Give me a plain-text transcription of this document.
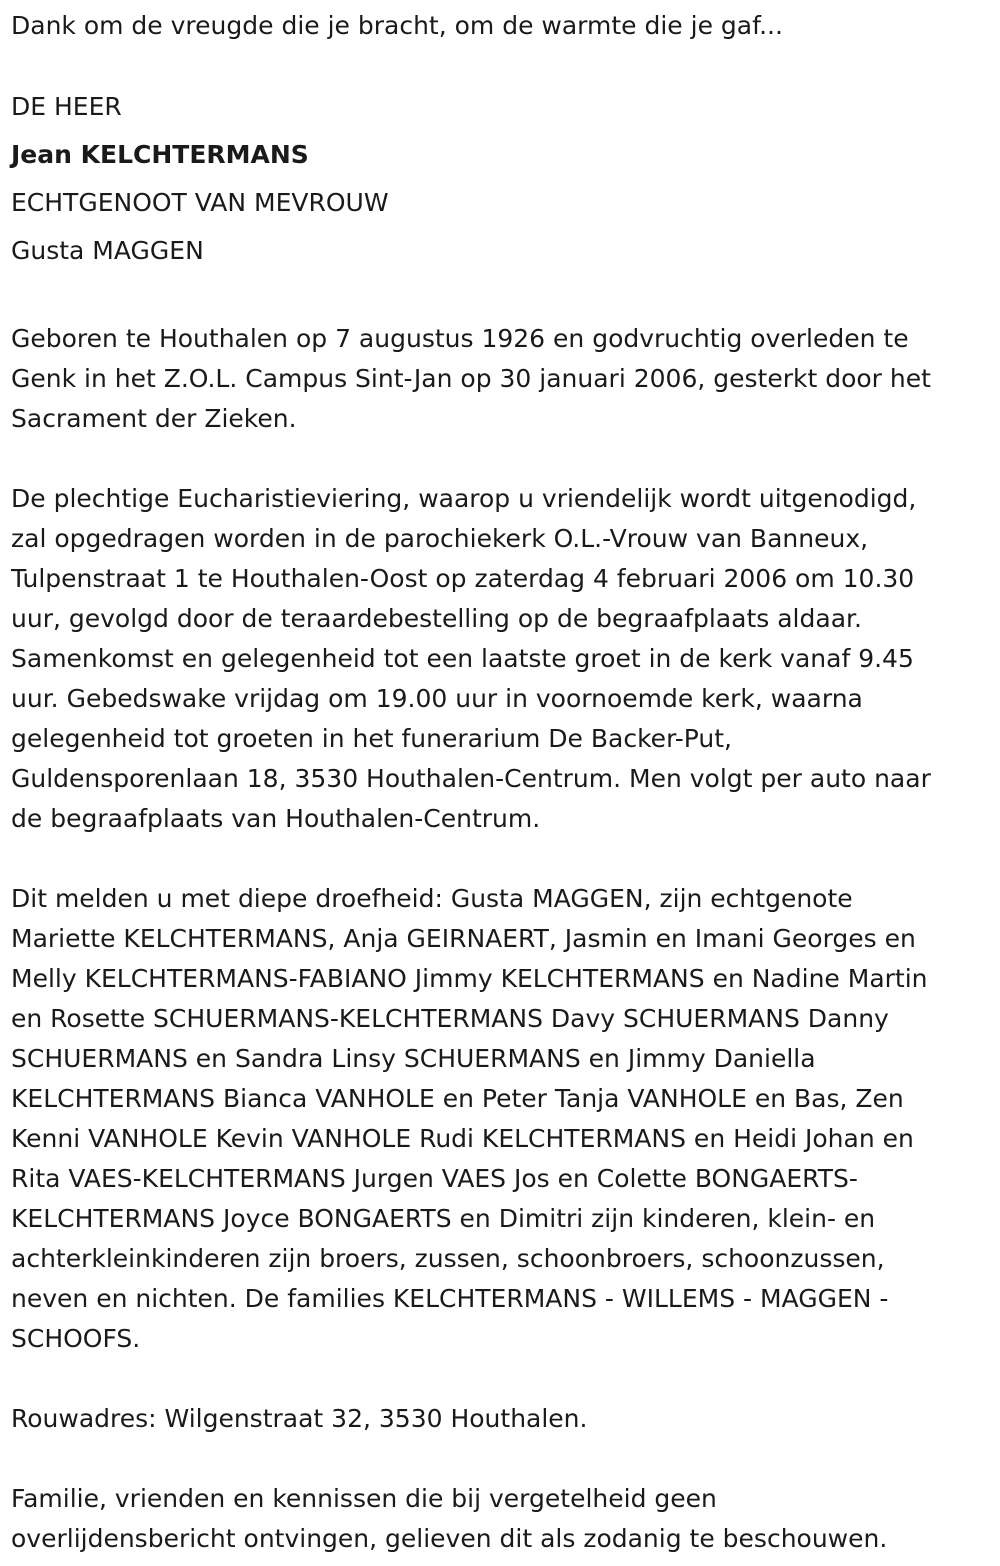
Dank om de vreugde die je bracht, om de warmte die je gaf...
DE HEER
Jean KELCHTERMANS
ECHTGENOOT VAN MEVROUW
Gusta MAGGEN
Geboren te Houthalen op 7 augustus 1926 en godvruchtig overleden te
Genk in het Z.O.L. Campus Sint-Jan op 30 januari 2006, gesterkt door het
Sacrament der Zieken.
De plechtige Eucharistieviering, waarop u vriendelijk wordt uitgenodigd,
zal opgedragen worden in de parochiekerk O.L.-Vrouw van Banneux,
Tulpenstraat 1 te Houthalen-Oost op zaterdag 4 februari 2006 om 10.30
uur, gevolgd door de teraardebestelling op de begraafplaats aldaar.
Samenkomst en gelegenheid tot een laatste groet in de kerk vanaf 9.45
uur. Gebedswake vrijdag om 19.00 uur in voornoemde kerk, waarna
gelegenheid tot groeten in het funerarium De Backer-Put,
Guldensporenlaan 18, 3530 Houthalen-Centrum. Men volgt per auto naar
de begraafplaats van Houthalen-Centrum.
Dit melden u met diepe droefheid: Gusta MAGGEN, zijn echtgenote
Mariette KELCHTERMANS, Anja GEIRNAERT, Jasmin en Imani Georges en
Melly KELCHTERMANS-FABIANO Jimmy KELCHTERMANS en Nadine Martin
en Rosette SCHUERMANS-KELCHTERMANS Davy SCHUERMANS Danny
SCHUERMANS en Sandra Linsy SCHUERMANS en Jimmy Daniella
KELCHTERMANS Bianca VANHOLE en Peter Tanja VANHOLE en Bas, Zen
Kenni VANHOLE Kevin VANHOLE Rudi KELCHTERMANS en Heidi Johan en
Rita VAES-KELCHTERMANS Jurgen VAES Jos en Colette BONGAERTS-
KELCHTERMANS Joyce BONGAERTS en Dimitri zijn kinderen, klein- en
achterkleinkinderen zijn broers, zussen, schoonbroers, schoonzussen,
neven en nichten. De families KELCHTERMANS - WILLEMS - MAGGEN -
SCHOOFS.
Rouwadres: Wilgenstraat 32, 3530 Houthalen.
Familie, vrienden en kennissen die bij vergetelheid geen
overlijdensbericht ontvingen, gelieven dit als zodanig te beschouwen.
